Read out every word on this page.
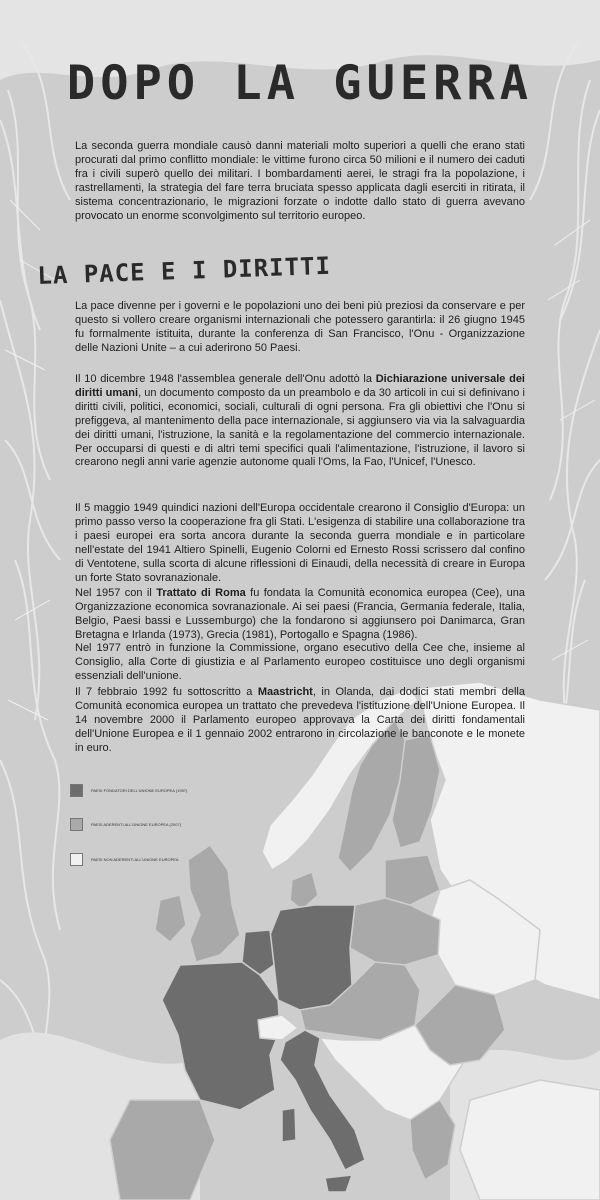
DOPO LA GUERRA

La seconda guerra mondiale causò danni materiali molto superiori a quelli che erano stati procurati dal primo conflitto mondiale: le vittime furono circa 50 milioni e il numero dei caduti fra i civili superò quello dei militari. I bombardamenti aerei, le stragi fra la popolazione, i rastrellamenti, la strategia del fare terra bruciata spesso applicata dagli eserciti in ritirata, il sistema concentrazionario, le migrazioni forzate o indotte dallo stato di guerra avevano provocato un enorme sconvolgimento sul territorio europeo.

LA PACE E I DIRITTI

La pace divenne per i governi e le popolazioni uno dei beni più preziosi da conservare e per questo si vollero creare organismi internazionali che potessero garantirla: il 26 giugno 1945 fu formalmente istituita, durante la conferenza di San Francisco, l'Onu - Organizzazione delle Nazioni Unite – a cui aderirono 50 Paesi.

Il 10 dicembre 1948 l'assemblea generale dell'Onu adottò la Dichiarazione universale dei diritti umani, un documento composto da un preambolo e da 30 articoli in cui si definivano i diritti civili, politici, economici, sociali, culturali di ogni persona. Fra gli obiettivi che l'Onu si prefiggeva, al mantenimento della pace internazionale, si aggiunsero via via la salvaguardia dei diritti umani, l'istruzione, la sanità e la regolamentazione del commercio internazionale. Per occuparsi di questi e di altri temi specifici quali l'alimentazione, l'istruzione, il lavoro si crearono negli anni varie agenzie autonome quali l'Oms, la Fao, l'Unicef, l'Unesco.

Il 5 maggio 1949 quindici nazioni dell'Europa occidentale crearono il Consiglio d'Europa: un primo passo verso la cooperazione fra gli Stati. L'esigenza di stabilire una collaborazione tra i paesi europei era sorta ancora durante la seconda guerra mondiale e in particolare nell'estate del 1941 Altiero Spinelli, Eugenio Colorni ed Ernesto Rossi scrissero dal confino di Ventotene, sulla scorta di alcune riflessioni di Einaudi, della necessità di creare in Europa un forte Stato sovranazionale.

Nel 1957 con il Trattato di Roma fu fondata la Comunità economica europea (Cee), una Organizzazione economica sovranazionale. Ai sei paesi (Francia, Germania federale, Italia, Belgio, Paesi bassi e Lussemburgo) che la fondarono si aggiunsero poi Danimarca, Gran Bretagna e Irlanda (1973), Grecia (1981), Portogallo e Spagna (1986).

Nel 1977 entrò in funzione la Commissione, organo esecutivo della Cee che, insieme al Consiglio, alla Corte di giustizia e al Parlamento europeo costituisce uno degli organismi essenziali dell'unione.

Il 7 febbraio 1992 fu sottoscritto a Maastricht, in Olanda, dai dodici stati membri della Comunità economica europea un trattato che prevedeva l'istituzione dell'Unione Europea. Il 14 novembre 2000 il Parlamento europeo approvava la Carta dei diritti fondamentali dell'Unione Europea e il 1 gennaio 2002 entrarono in circolazione le banconote e le monete in euro.

PAESI FONDATORI DELL'UNIONE EUROPEA (1957)
PAESI ADERENTI ALL'UNIONE EUROPEA (2007)
PAESI NON ADERENTI ALL'UNIONE EUROPEA
